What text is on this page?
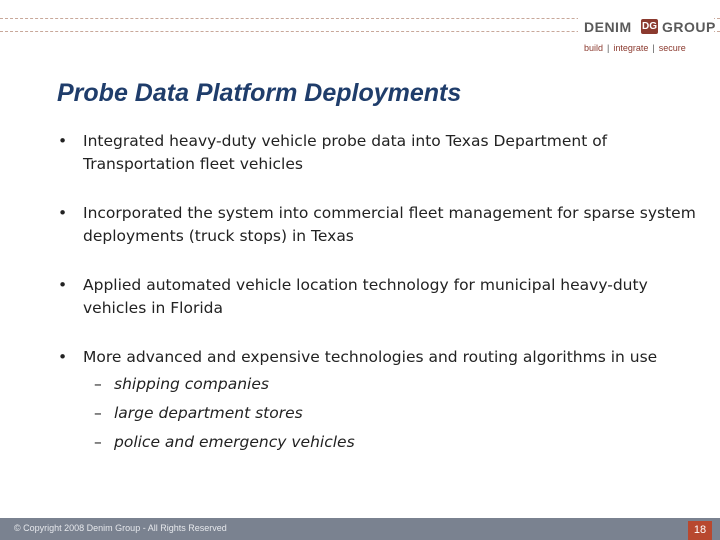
DENIM DG GROUP
build | integrate | secure
Probe Data Platform Deployments
• Integrated heavy-duty vehicle probe data into Texas Department of Transportation fleet vehicles
• Incorporated the system into commercial fleet management for sparse system deployments (truck stops) in Texas
• Applied automated vehicle location technology for municipal heavy-duty vehicles in Florida
• More advanced and expensive technologies and routing algorithms in use
– shipping companies
– large department stores
– police and emergency vehicles
© Copyright 2008 Denim Group - All Rights Reserved	18
